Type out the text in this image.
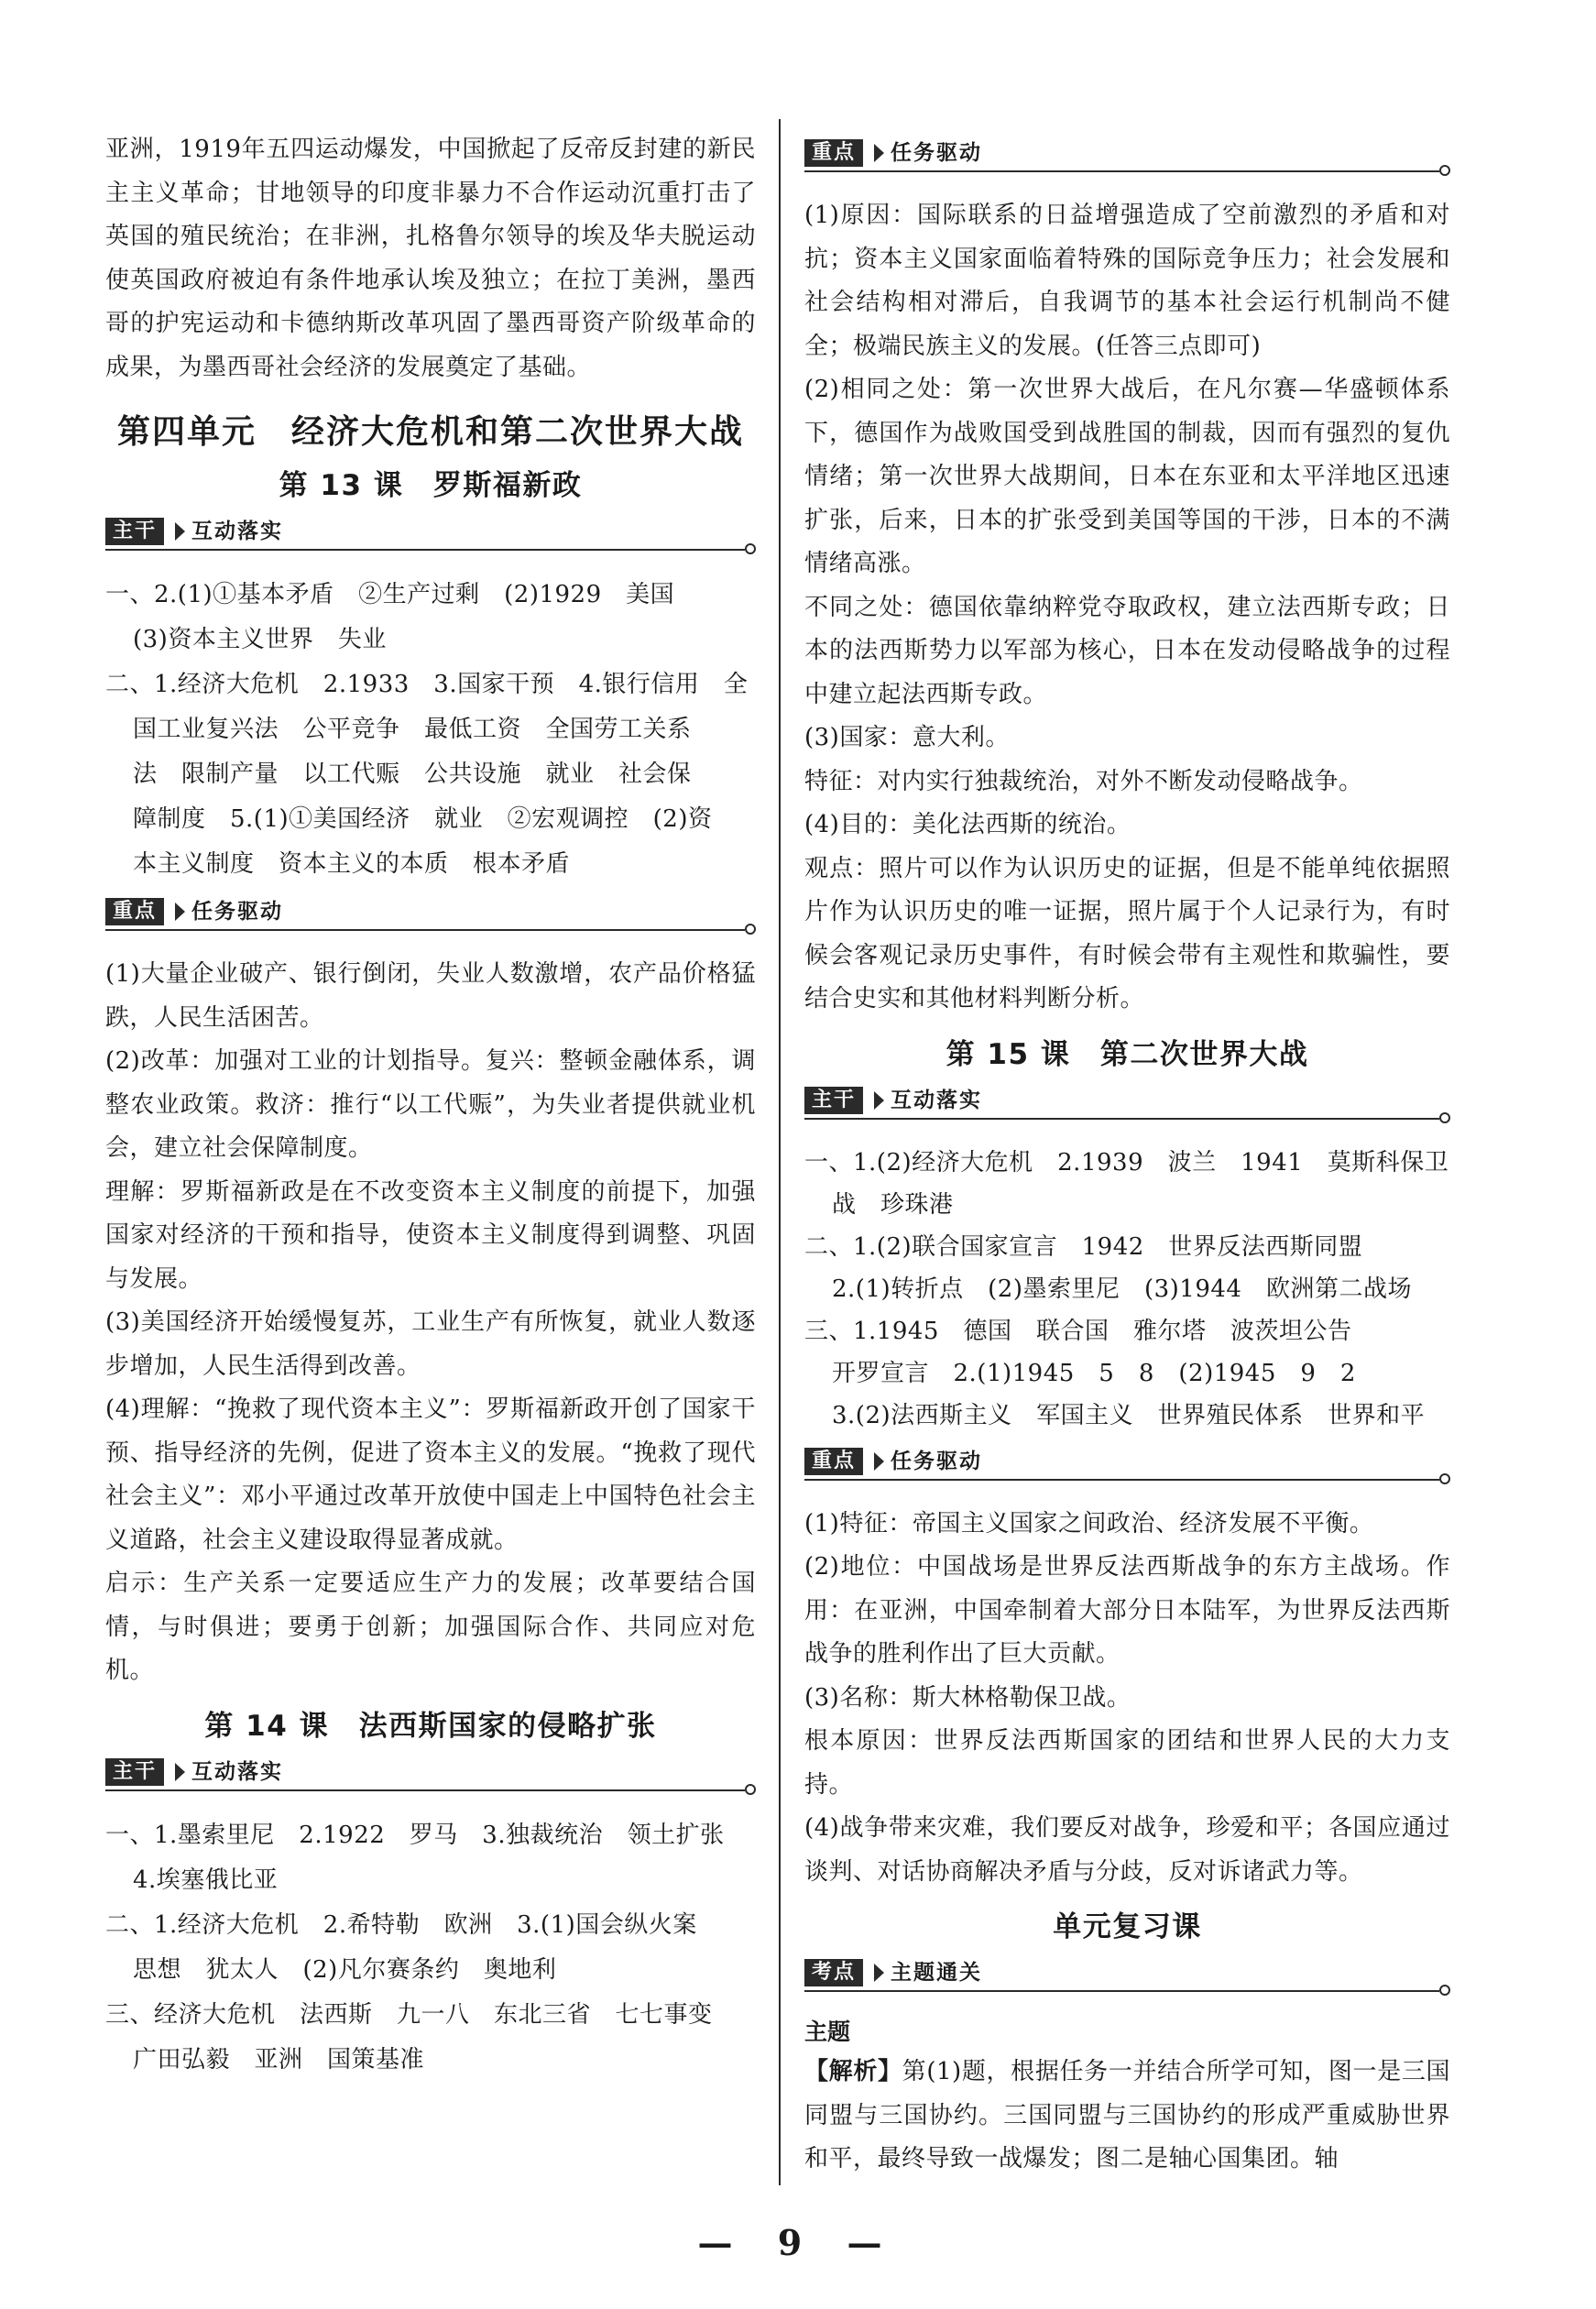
亚洲，1919年五四运动爆发，中国掀起了反帝反封建的新民主主义革命；甘地领导的印度非暴力不合作运动沉重打击了英国的殖民统治；在非洲，扎格鲁尔领导的埃及华夫脱运动使英国政府被迫有条件地承认埃及独立；在拉丁美洲，墨西哥的护宪运动和卡德纳斯改革巩固了墨西哥资产阶级革命的成果，为墨西哥社会经济的发展奠定了基础。

第四单元　经济大危机和第二次世界大战
第 13 课　罗斯福新政
主干	互动落实
一、2.(1)①基本矛盾　②生产过剩　(2)1929　美国
(3)资本主义世界　失业
二、1.经济大危机　2.1933　3.国家干预　4.银行信用　全
国工业复兴法　公平竞争　最低工资　全国劳工关系
法　限制产量　以工代赈　公共设施　就业　社会保
障制度　5.(1)①美国经济　就业　②宏观调控　(2)资
本主义制度　资本主义的本质　根本矛盾
重点	任务驱动

(1)大量企业破产、银行倒闭，失业人数激增，农产品价格猛跌，人民生活困苦。

(2)改革：加强对工业的计划指导。复兴：整顿金融体系，调整农业政策。救济：推行“以工代赈”，为失业者提供就业机会，建立社会保障制度。

理解：罗斯福新政是在不改变资本主义制度的前提下，加强国家对经济的干预和指导，使资本主义制度得到调整、巩固与发展。

(3)美国经济开始缓慢复苏，工业生产有所恢复，就业人数逐步增加，人民生活得到改善。

(4)理解：“挽救了现代资本主义”：罗斯福新政开创了国家干预、指导经济的先例，促进了资本主义的发展。“挽救了现代社会主义”：邓小平通过改革开放使中国走上中国特色社会主义道路，社会主义建设取得显著成就。

启示：生产关系一定要适应生产力的发展；改革要结合国情，与时俱进；要勇于创新；加强国际合作、共同应对危机。

第 14 课　法西斯国家的侵略扩张
主干	互动落实
一、1.墨索里尼　2.1922　罗马　3.独裁统治　领土扩张
4.埃塞俄比亚
二、1.经济大危机　2.希特勒　欧洲　3.(1)国会纵火案
思想　犹太人　(2)凡尔赛条约　奥地利
三、经济大危机　法西斯　九一八　东北三省　七七事变
广田弘毅　亚洲　国策基准
重点	任务驱动

(1)原因：国际联系的日益增强造成了空前激烈的矛盾和对抗；资本主义国家面临着特殊的国际竞争压力；社会发展和社会结构相对滞后，自我调节的基本社会运行机制尚不健全；极端民族主义的发展。(任答三点即可)

(2)相同之处：第一次世界大战后，在凡尔赛—华盛顿体系下，德国作为战败国受到战胜国的制裁，因而有强烈的复仇情绪；第一次世界大战期间，日本在东亚和太平洋地区迅速扩张，后来，日本的扩张受到美国等国的干涉，日本的不满情绪高涨。

不同之处：德国依靠纳粹党夺取政权，建立法西斯专政；日本的法西斯势力以军部为核心，日本在发动侵略战争的过程中建立起法西斯专政。

(3)国家：意大利。

特征：对内实行独裁统治，对外不断发动侵略战争。

(4)目的：美化法西斯的统治。

观点：照片可以作为认识历史的证据，但是不能单纯依据照片作为认识历史的唯一证据，照片属于个人记录行为，有时候会客观记录历史事件，有时候会带有主观性和欺骗性，要结合史实和其他材料判断分析。

第 15 课　第二次世界大战
主干	互动落实
一、1.(2)经济大危机　2.1939　波兰　1941　莫斯科保卫
战　珍珠港
二、1.(2)联合国家宣言　1942　世界反法西斯同盟
2.(1)转折点　(2)墨索里尼　(3)1944　欧洲第二战场
三、1.1945　德国　联合国　雅尔塔　波茨坦公告
开罗宣言　2.(1)1945　5　8　(2)1945　9　2
3.(2)法西斯主义　军国主义　世界殖民体系　世界和平
重点	任务驱动

(1)特征：帝国主义国家之间政治、经济发展不平衡。

(2)地位：中国战场是世界反法西斯战争的东方主战场。作用：在亚洲，中国牵制着大部分日本陆军，为世界反法西斯战争的胜利作出了巨大贡献。

(3)名称：斯大林格勒保卫战。

根本原因：世界反法西斯国家的团结和世界人民的大力支持。

(4)战争带来灾难，我们要反对战争，珍爱和平；各国应通过谈判、对话协商解决矛盾与分歧，反对诉诸武力等。

单元复习课
考点	主题通关
主题

【解析】第(1)题，根据任务一并结合所学可知，图一是三国同盟与三国协约。三国同盟与三国协约的形成严重威胁世界和平，最终导致一战爆发；图二是轴心国集团。轴

— 9 —
